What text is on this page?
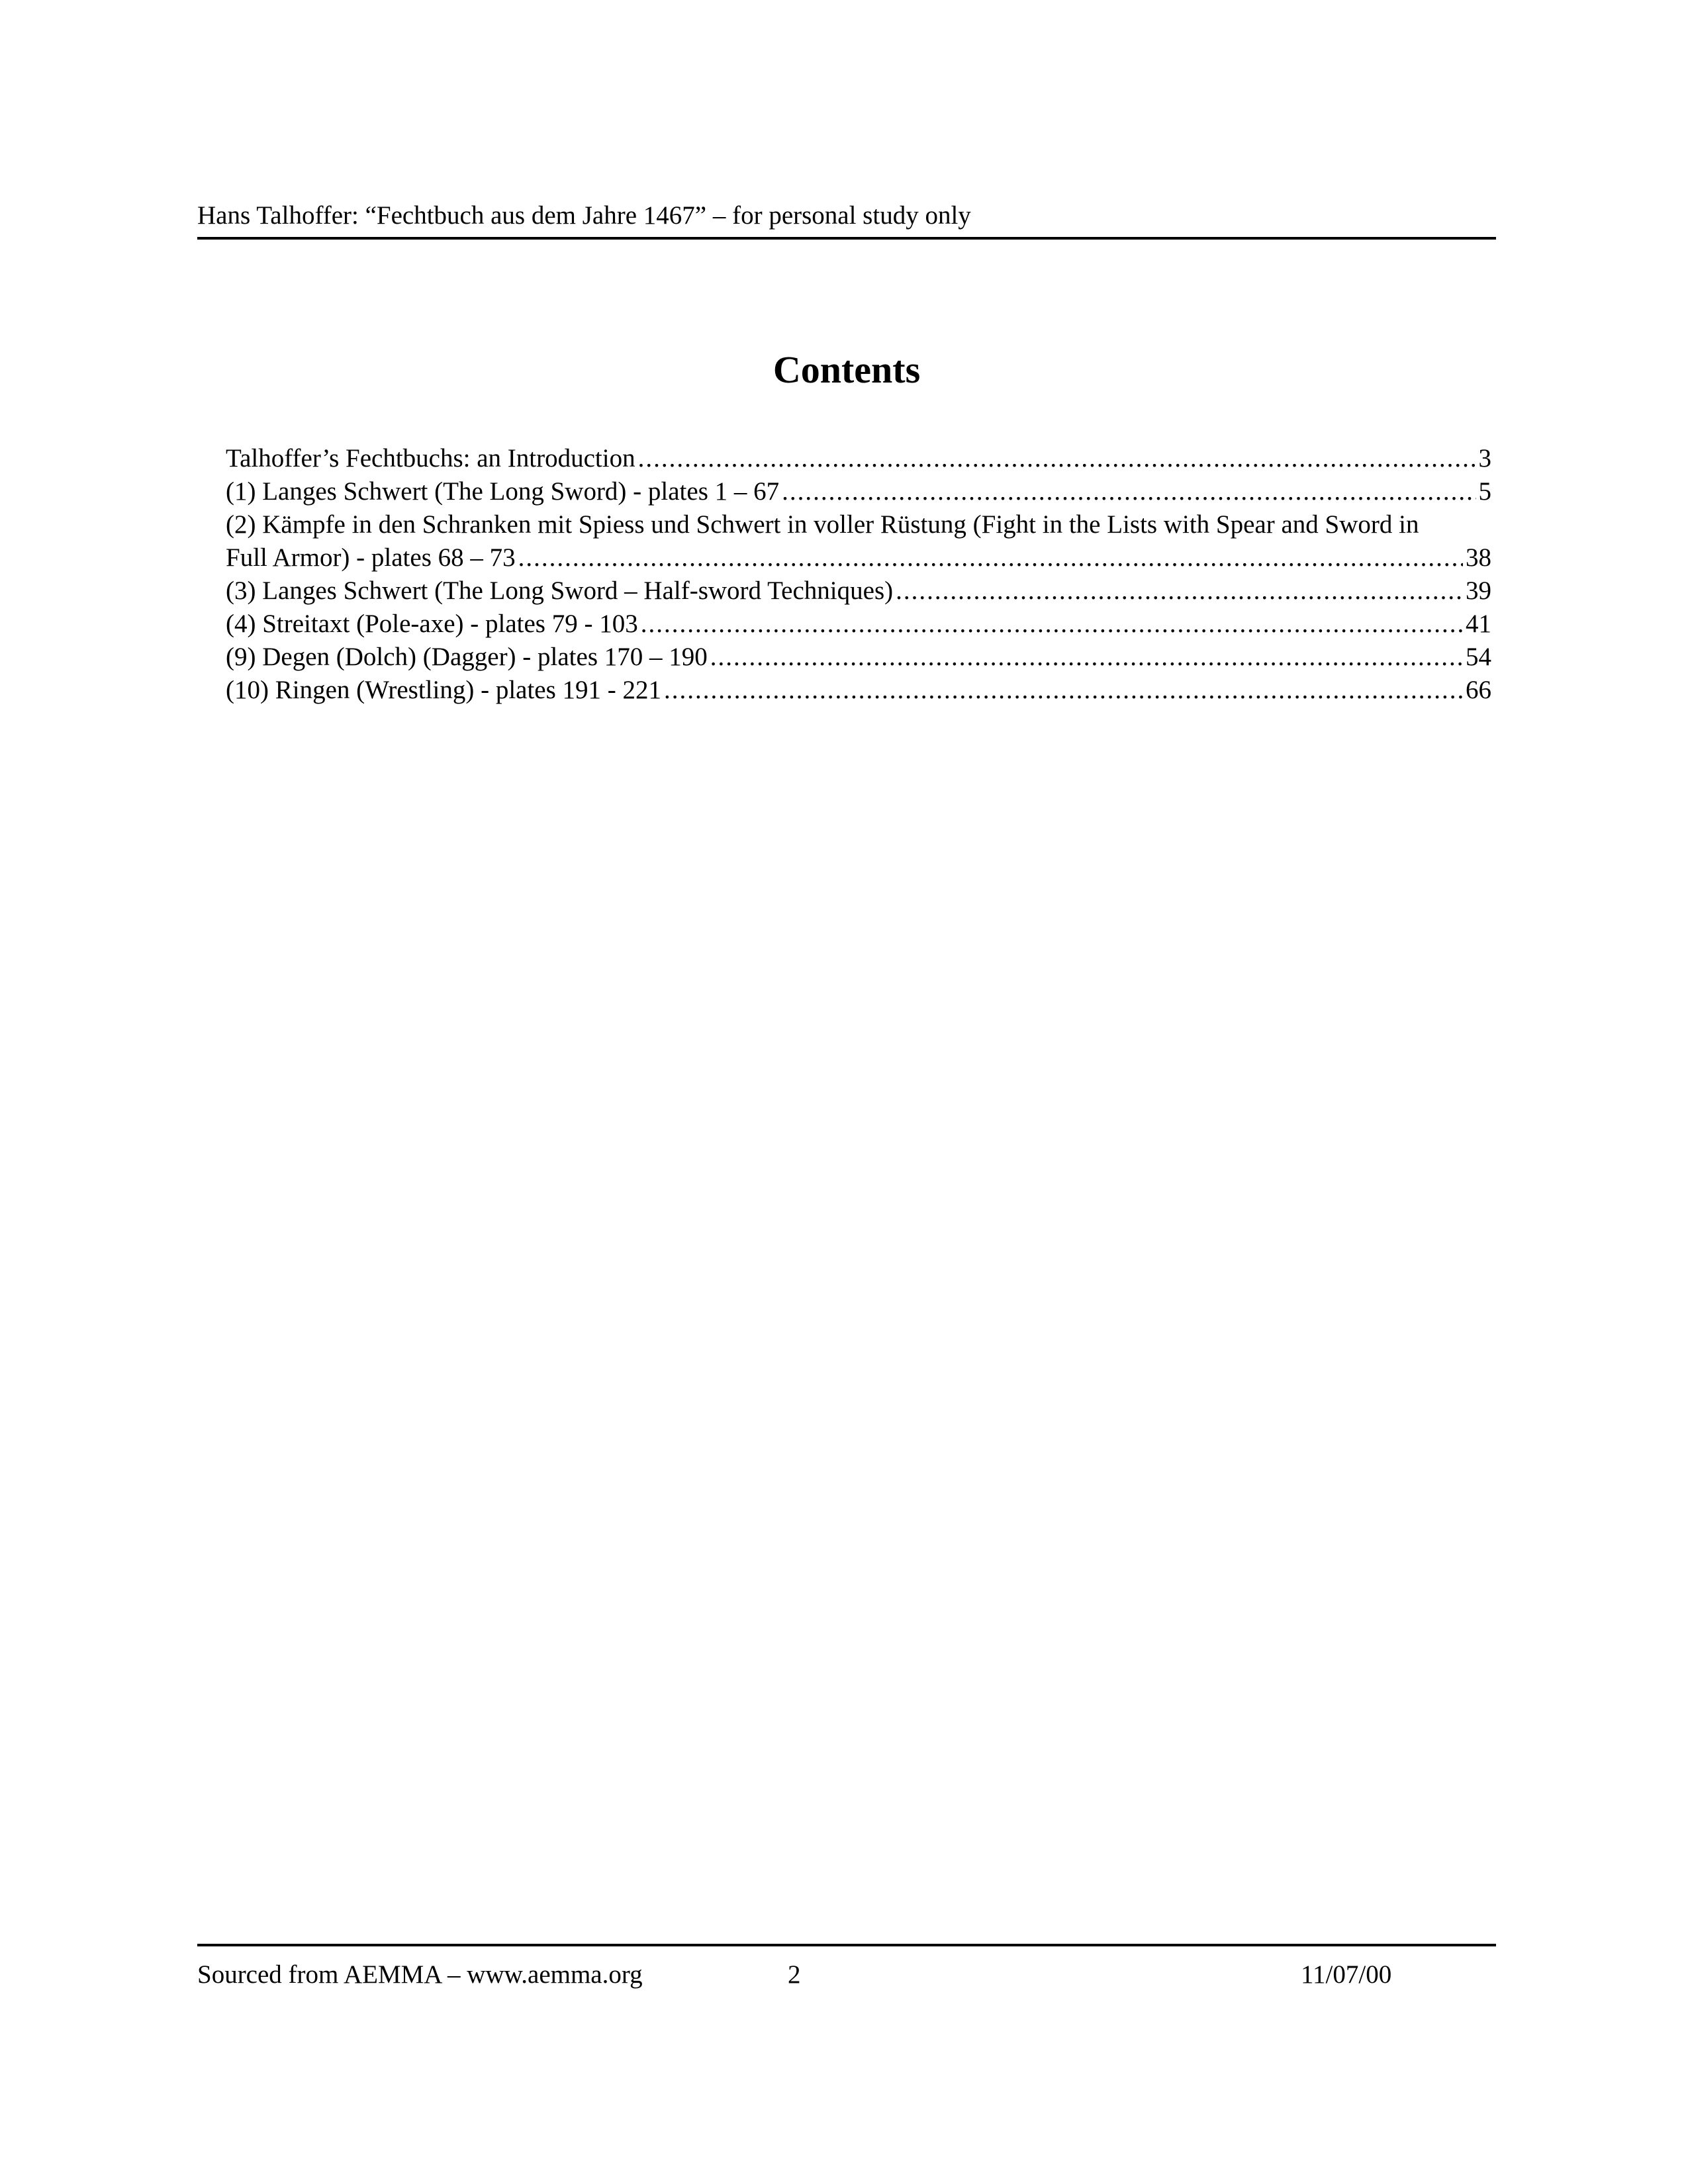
Hans Talhoffer: “Fechtbuch aus dem Jahre 1467” – for personal study only
Contents
Talhoffer’s Fechtbuchs: an Introduction .....	3
(1) Langes Schwert (The Long Sword) - plates 1 – 67 .....	5
(2) Kämpfe in den Schranken mit Spiess und Schwert in voller Rüstung (Fight in the Lists with Spear and Sword in
Full Armor) - plates 68 – 73 .....	38
(3) Langes Schwert (The Long Sword – Half-sword Techniques) .....	39
(4) Streitaxt (Pole-axe) - plates 79 - 103 .....	41
(9) Degen (Dolch) (Dagger) - plates 170 – 190 .....	54
(10) Ringen (Wrestling) - plates 191 - 221 .....	66
Sourced from AEMMA – www.aemma.org	2	11/07/00
